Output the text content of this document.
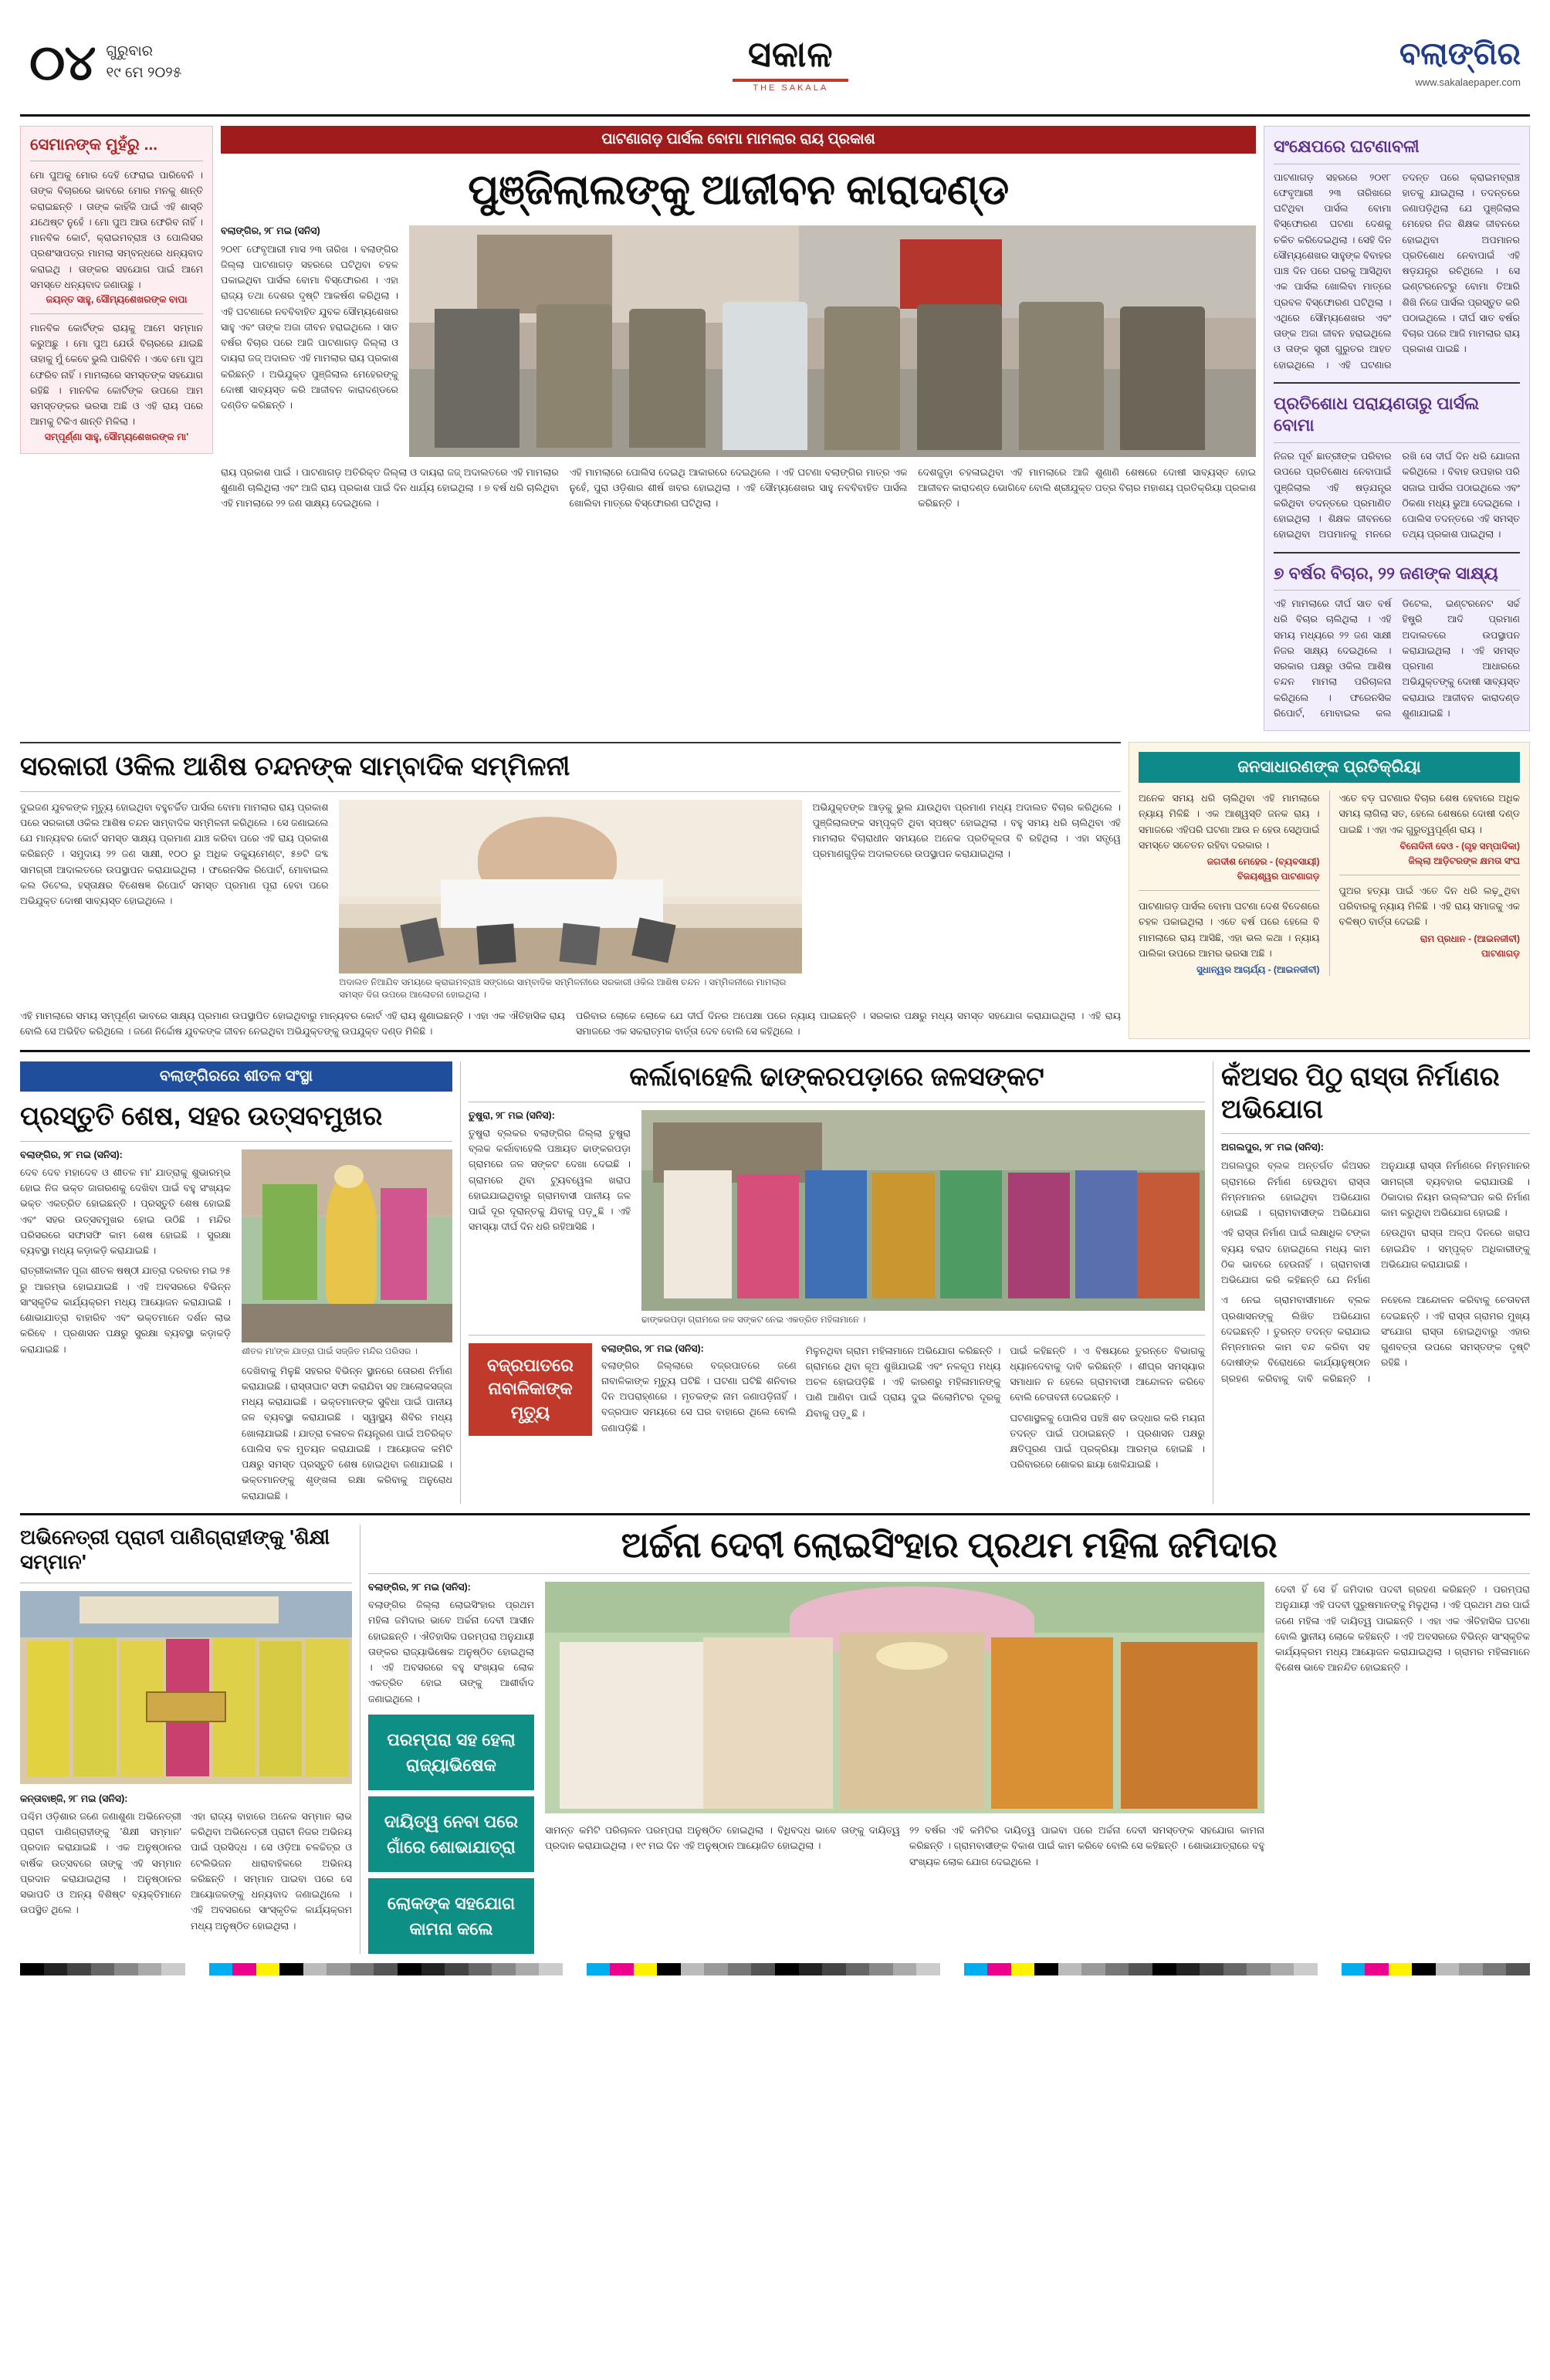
୦୪ ଗୁରୁବାର
୧୯ ମେ ୨୦୨୫	ସକାଳ
THE SAKALA
ବଲାଙ୍ଗିର
www.sakalaepaper.com
ସେମାନଙ୍କ ମୁହଁରୁ ...
ମୋ ପୁଅକୁ ମୋର ଦେହି ଫେରାଇ ପାରିବେନି । ତାଙ୍କ ବିଚାରରେ ଭାବରେ ମୋର ମନକୁ ଶାନ୍ତି କରାଇଛନ୍ତି । ତାଙ୍କ କାହିଁକି ପାଇଁ ଏହି ଶାସ୍ତି ଯଥେଷ୍ଟ ନୁହେଁ । ମୋ ପୁଅ ଆଉ ଫେରିବ ନାହିଁ । ମାନବିକ କୋର୍ଟ, କ୍ରାଇମବ୍ରାଞ୍ଚ ଓ ପୋଲିସର ପ୍ରଶଂସାପତ୍ର ମାମଲା ସମ୍ବନ୍ଧରେ ଧନ୍ୟବାଦ କରାଇଥି । ତାଙ୍କର ସହଯୋଗ ପାଇଁ ଆମେ ସମସ୍ତେ ଧନ୍ୟବାଦ ଜଣାଉଛୁ ।
ଜୟନ୍ତ ସାହୁ, ସୌମ୍ୟଶେଖରଙ୍କ ବାପା
ମାନବିକ କୋର୍ଟିଙ୍କ ରାୟକୁ ଆମେ ସମ୍ମାନ କରୁଅଛୁ । ମୋ ପୁଅ ଯେଉଁ ବିଚାରରେ ଯାଇଛି ତାହାକୁ ମୁଁ କେବେ ଭୁଲି ପାରିବିନି । ଏବେ ମୋ ପୁଅ ଫେରିବ ନାହିଁ । ମାମଲାରେ ସମସ୍ତଙ୍କ ସହଯୋଗ ରହିଛି । ମାନବିକ କୋର୍ଟିଙ୍କ ଉପରେ ଆମ ସମସ୍ତଙ୍କର ଭରସା ଅଛି ଓ ଏହି ରାୟ ପରେ ଆମକୁ ଟିକିଏ ଶାନ୍ତି ମିଳିଲା ।
ସମ୍ପୂର୍ଣ୍ଣା ସାହୁ, ସୌମ୍ୟଶେଖରଙ୍କ ମା'
ପାଟଣାଗଡ଼ ପାର୍ସଲ ବୋମା ମାମଲାର ରାୟ ପ୍ରକାଶ
ପୁଞ୍ଜିଲାଲଙ୍କୁ ଆଜୀବନ କାରାଦଣ୍ଡ
ବଲାଙ୍ଗିର, ୨୮ ମଇ (ସନିସ)
୨୦୧୮ ଫେବୃଆରୀ ମାସ ୨୩ ତାରିଖ । ବଲାଙ୍ଗିର ଜିଲ୍ଲା ପାଟଣାଗଡ଼ ସହରରେ ଘଟିଥିବା ଚହଳ ପକାଇଥିବା ପାର୍ସଲ ବୋମା ବିସ୍ଫୋରଣ । ଏହା ରାଜ୍ୟ ତଥା ଦେଶର ଦୃଷ୍ଟି ଆକର୍ଷଣ କରିଥିଲା । ଏହି ଘଟଣାରେ ନବବିବାହିତ ଯୁବକ ସୌମ୍ୟଶେଖର ସାହୁ ଏବଂ ତାଙ୍କ ଅଜା ଜୀବନ ହରାଇଥିଲେ । ସାତ ବର୍ଷର ବିଚାର ପରେ ଆଜି ପାଟଣାଗଡ଼ ଜିଲ୍ଲା ଓ ଦାୟରା ଜଜ୍ ଅଦାଲତ ଏହି ମାମଲାର ରାୟ ପ୍ରକାଶ କରିଛନ୍ତି । ଅଭିଯୁକ୍ତ ପୁଞ୍ଜିଲାଲ ମେହେରଙ୍କୁ ଦୋଷୀ ସାବ୍ୟସ୍ତ କରି ଆଜୀବନ କାରାଦଣ୍ଡରେ ଦଣ୍ଡିତ କରିଛନ୍ତି ।
ରାୟ ପ୍ରକାଶ ପାଇଁ । ପାଟଣାଗଡ଼ ଅତିରିକ୍ତ ଜିଲ୍ଲା ଓ ଦାୟରା ଜଜ୍ ଅଦାଲତରେ ଏହି ମାମଲାର ଶୁଣାଣି ଚାଲିଥିଲା ଏବଂ ଆଜି ରାୟ ପ୍ରକାଶ ପାଇଁ ଦିନ ଧାର୍ଯ୍ୟ ହୋଇଥିଲା । ୭ ବର୍ଷ ଧରି ଚାଲିଥିବା ଏହି ମାମଲାରେ ୨୨ ଜଣ ସାକ୍ଷ୍ୟ ଦେଇଥିଲେ ।
ଏହି ମାମଲାରେ ପୋଲିସ ଦେଇଥି ଆକାରରେ ଦେଇଥିଲେ । ଏହି ଘଟଣା ବଲାଙ୍ଗିର ମାତ୍ର ଏକ ନୁହେଁ, ପୁରା ଓଡ଼ିଶାର ଶୀର୍ଷ ଖବର ହୋଇଥିଲା । ଏହି ସୌମ୍ୟଶେଖର ସାହୁ ନବବିବାହିତ ପାର୍ସଲ ଖୋଲିବା ମାତ୍ରେ ବିସ୍ଫୋରଣ ଘଟିଥିଲା ।
ଦେଶଜୁଡ଼ା ଚହଳାଇଥିବା ଏହି ମାମଲାରେ ଆଜି ଶୁଣାଣି ଶେଷରେ ଦୋଷୀ ସାବ୍ୟସ୍ତ ହୋଇ ଆଜୀବନ କାରାଦଣ୍ଡ ଭୋଗିବେ ବୋଲି ଶ୍ରୀଯୁକ୍ତ ପତ୍ର ବିଚାର ମହାଶୟ ପ୍ରତିକ୍ରିୟା ପ୍ରକାଶ କରିଛନ୍ତି ।
ସଂକ୍ଷେପରେ ଘଟଣାବଳୀ
ପାଟଣାଗଡ଼ ସହରରେ ୨୦୧୮ ଫେବୃଆରୀ ୨୩ ତାରିଖରେ ଘଟିଥିବା ପାର୍ସଲ ବୋମା ବିସ୍ଫୋରଣ ଘଟଣା ଦେଶକୁ ଚକିତ କରିଦେଇଥିଲା । ସେହି ଦିନ ସୌମ୍ୟଶେଖର ସାହୁଙ୍କ ବିବାହର ପାଞ୍ଚ ଦିନ ପରେ ଘରକୁ ଆସିଥିବା ଏକ ପାର୍ସଲ ଖୋଲିବା ମାତ୍ରେ ପ୍ରବଳ ବିସ୍ଫୋରଣ ଘଟିଥିଲା । ଏଥିରେ ସୌମ୍ୟଶେଖର ଏବଂ ତାଙ୍କ ଅଜା ଜୀବନ ହରାଇଥିଲେ ଓ ତାଙ୍କ ସ୍ତ୍ରୀ ଗୁରୁତର ଆହତ ହୋଇଥିଲେ । ଏହି ଘଟଣାର ତଦନ୍ତ ପରେ କ୍ରାଇମବ୍ରାଞ୍ଚ ହାତକୁ ଯାଇଥିଲା । ତଦନ୍ତରେ ଜଣାପଡ଼ିଥିଲା ଯେ ପୁଞ୍ଜିଲାଲ ମେହେର ନିଜ ଶିକ୍ଷକ ଜୀବନରେ ହୋଇଥିବା ଅପମାନର ପ୍ରତିଶୋଧ ନେବାପାଇଁ ଏହି ଷଡ଼ଯନ୍ତ୍ର ରଚିଥିଲେ । ସେ ଇଣ୍ଟରନେଟରୁ ବୋମା ତିଆରି ଶିଖି ନିଜେ ପାର୍ସଲ ପ୍ରସ୍ତୁତ କରି ପଠାଇଥିଲେ । ଦୀର୍ଘ ସାତ ବର୍ଷର ବିଚାର ପରେ ଆଜି ମାମଲାର ରାୟ ପ୍ରକାଶ ପାଇଛି ।
ପ୍ରତିଶୋଧ ପରାୟଣତାରୁ ପାର୍ସଲ ବୋମା
ନିଜର ପୂର୍ବ ଛାତ୍ରୀଙ୍କ ପରିବାର ଉପରେ ପ୍ରତିଶୋଧ ନେବାପାଇଁ ପୁଞ୍ଜିଲାଲ ଏହି ଷଡ଼ଯନ୍ତ୍ର କରିଥିବା ତଦନ୍ତରେ ପ୍ରମାଣିତ ହୋଇଥିଲା । ଶିକ୍ଷକ ଜୀବନରେ ହୋଇଥିବା ଅପମାନକୁ ମନରେ ରଖି ସେ ଦୀର୍ଘ ଦିନ ଧରି ଯୋଜନା କରିଥିଲେ । ବିବାହ ଉପହାର ପରି ସଜାଇ ପାର୍ସଲ ପଠାଇଥିଲେ ଏବଂ ଠିକଣା ମଧ୍ୟ ଭୁଆ ଦେଇଥିଲେ । ପୋଲିସ ତଦନ୍ତରେ ଏହି ସମସ୍ତ ତଥ୍ୟ ପ୍ରକାଶ ପାଇଥିଲା ।
୭ ବର୍ଷର ବିଚାର, ୨୨ ଜଣଙ୍କ ସାକ୍ଷ୍ୟ
ଏହି ମାମଲାରେ ଦୀର୍ଘ ସାତ ବର୍ଷ ଧରି ବିଚାର ଚାଲିଥିଲା । ଏହି ସମୟ ମଧ୍ୟରେ ୨୨ ଜଣ ସାକ୍ଷୀ ନିଜର ସାକ୍ଷ୍ୟ ଦେଇଥିଲେ । ସରକାର ପକ୍ଷରୁ ଓକିଲ ଆଶିଷ ଚନ୍ଦନ ମାମଲା ପରିଚାଳନା କରିଥିଲେ । ଫରେନସିକ ରିପୋର୍ଟ, ମୋବାଇଲ କଲ ଡିଟେଲ, ଇଣ୍ଟରନେଟ ସର୍ଚ୍ଚ ହିଷ୍ଟ୍ରି ଆଦି ପ୍ରମାଣ ଅଦାଲତରେ ଉପସ୍ଥାପନ କରାଯାଇଥିଲା । ଏହି ସମସ୍ତ ପ୍ରମାଣ ଆଧାରରେ ଅଭିଯୁକ୍ତଙ୍କୁ ଦୋଷୀ ସାବ୍ୟସ୍ତ କରାଯାଇ ଆଜୀବନ କାରାଦଣ୍ଡ ଶୁଣାଯାଇଛି ।
ସରକାରୀ ଓକିଲ ଆଶିଷ ଚନ୍ଦନଙ୍କ ସାମ୍ବାଦିକ ସମ୍ମିଳନୀ
ଦୁଇଜଣ ଯୁବକଙ୍କ ମୃତ୍ୟୁ ହୋଇଥିବା ବହୁଚର୍ଚ୍ଚିତ ପାର୍ସଲ ବୋମା ମାମଲାର ରାୟ ପ୍ରକାଶ ପରେ ସରକାରୀ ଓକିଲ ଆଶିଷ ଚନ୍ଦନ ସାମ୍ବାଦିକ ସମ୍ମିଳନୀ କରିଥିଲେ । ସେ ଜଣାଇଲେ ଯେ ମାନ୍ୟବର କୋର୍ଟ ସମସ୍ତ ସାକ୍ଷ୍ୟ ପ୍ରମାଣ ଯାଞ୍ଚ କରିବା ପରେ ଏହି ରାୟ ପ୍ରକାଶ କରିଛନ୍ତି । ସମୁଦାୟ ୨୨ ଜଣ ସାକ୍ଷୀ, ୧୦୦ ରୁ ଅଧିକ ଡକ୍ୟୁମେଣ୍ଟ, ୫୭ଟି ଜବ୍ଦ ସାମଗ୍ରୀ ଆଦାଲତରେ ଉପସ୍ଥାପନ କରାଯାଇଥିଲା । ଫରେନସିକ ରିପୋର୍ଟ, ମୋବାଇଲ କଲ ଡିଟେଲ, ହସ୍ତାକ୍ଷର ବିଶେଷଜ୍ଞ ରିପୋର୍ଟ ସମସ୍ତ ପ୍ରମାଣ ପୂରା ହେବା ପରେ ଅଭିଯୁକ୍ତ ଦୋଷୀ ସାବ୍ୟସ୍ତ ହୋଇଥିଲେ ।
ଅଦାଲତ ନିଆଯିବ ସମୟରେ କ୍ରାଇମବ୍ରାଞ୍ଚ ସଙ୍ଗରେ ସାମ୍ବାଦିକ ସମ୍ମିଳନୀରେ ସରକାରୀ ଓକିଲ ଆଶିଷ ଚନ୍ଦନ । ସମ୍ମିଳନୀରେ ମାମଲାର ସମସ୍ତ ଦିଗ ଉପରେ ଆଲୋଚନା ହୋଇଥିଲା ।
ଅଭିଯୁକ୍ତଙ୍କ ଆଡ଼କୁ ଭୁଲ ଯାଉଥିବା ପ୍ରମାଣ ମଧ୍ୟ ଅଦାଲତ ବିଚାର କରିଥିଲେ । ପୁଞ୍ଜିଲାଲଙ୍କ ସମ୍ପୃକ୍ତି ଥିବା ସ୍ପଷ୍ଟ ହୋଇଥିଲା । ବହୁ ସମୟ ଧରି ଚାଲିଥିବା ଏହି ମାମଲାର ବିଚାରାଧୀନ ସମୟରେ ଅନେକ ପ୍ରତିକୂଳତା ବି ରହିଥିଲା । ଏହା ସତ୍ତ୍ୱେ ପ୍ରମାଣଗୁଡ଼ିକ ଅଦାଲତରେ ଉପସ୍ଥାପନ କରାଯାଇଥିଲା ।
ଏହି ମାମଲାରେ ସମୟ ସମ୍ପୂର୍ଣ୍ଣ ଭାବରେ ସାକ୍ଷ୍ୟ ପ୍ରମାଣ ଉପସ୍ଥାପିତ ହୋଇଥିବାରୁ ମାନ୍ୟବର କୋର୍ଟ ଏହି ରାୟ ଶୁଣାଇଛନ୍ତି । ଏହା ଏକ ଐତିହାସିକ ରାୟ ବୋଲି ସେ ଅଭିହିତ କରିଥିଲେ । ଜଣେ ନିର୍ଦ୍ଦୋଷ ଯୁବକଙ୍କ ଜୀବନ ନେଇଥିବା ଅଭିଯୁକ୍ତଙ୍କୁ ଉପଯୁକ୍ତ ଦଣ୍ଡ ମିଳିଛି ।
ପରିବାର ଲୋକେ ଲୋକେ ଯେ ଦୀର୍ଘ ଦିନର ଅପେକ୍ଷା ପରେ ନ୍ୟାୟ ପାଇଛନ୍ତି । ସରକାର ପକ୍ଷରୁ ମଧ୍ୟ ସମସ୍ତ ସହଯୋଗ କରାଯାଇଥିଲା । ଏହି ରାୟ ସମାଜରେ ଏକ ସକରାତ୍ମକ ବାର୍ତ୍ତା ଦେବ ବୋଲି ସେ କହିଥିଲେ ।
ଜନସାଧାରଣଙ୍କ ପ୍ରତିକ୍ରିୟା
ଅନେକ ସମୟ ଧରି ଚାଲିଥିବା ଏହି ମାମଲାରେ ନ୍ୟାୟ ମିଳିଛି । ଏକ ଆଶ୍ୱସ୍ତି ଜନକ ରାୟ । ସମାଜରେ ଏହିପରି ଘଟଣା ଆଉ ନ ହେଉ ସେଥିପାଇଁ ସମସ୍ତେ ସଚେତନ ରହିବା ଦରକାର ।
ଜଗଦୀଶ ମେହେର - (ବ୍ୟବସାୟୀ)
ବିଜୟଶ୍ୱର ପାଟଣାଗଡ଼
ପାଟଣାଗଡ଼ ପାର୍ସଲ ବୋମା ଘଟଣା ଦେଶ ବିଦେଶରେ ଚହଳ ପକାଇଥିଲା । ଏତେ ବର୍ଷ ପରେ ହେଲେ ବି ମାମଲାରେ ରାୟ ଆସିଛି, ଏହା ଭଲ କଥା । ନ୍ୟାୟ ପାଲିକା ଉପରେ ଆମର ଭରସା ଅଛି ।
ସୁଧାନ୍ୱର ଆଚାର୍ଯ୍ୟ - (ଆଇନଜୀବୀ)
ଏତେ ବଡ଼ ଘଟଣାର ବିଚାର ଶେଷ ହେବାରେ ଅଧିକ ସମୟ ଲାଗିଲା ସତ, ହେଲେ ଶେଷରେ ଦୋଷୀ ଦଣ୍ଡ ପାଇଛି । ଏହା ଏକ ଗୁରୁତ୍ୱପୂର୍ଣ୍ଣ ରାୟ ।
ବିନୋଦିନୀ ଦେଓ - (ଗୃହ ସମ୍ପାଦିକା)
ଜିଲ୍ଲା ଆଡ଼ିଟରଙ୍କ କ୍ଷମତା ସଂଘ
ପୁଅର ହତ୍ୟା ପାଇଁ ଏତେ ଦିନ ଧରି ଲଢ଼ୁଥିବା ପରିବାରକୁ ନ୍ୟାୟ ମିଳିଛି । ଏହି ରାୟ ସମାଜକୁ ଏକ ବଳିଷ୍ଠ ବାର୍ତ୍ତା ଦେଇଛି ।
ରାମ ପ୍ରଧାନ - (ଆଇନଜୀବୀ)
ପାଟଣାଗଡ଼
ବଲାଙ୍ଗିରରେ ଶୀତଳ ସଂସ୍ଥା
ପ୍ରସ୍ତୁତି ଶେଷ, ସହର ଉତ୍ସବମୁଖର
ବଲାଙ୍ଗିର, ୨୮ ମଇ (ସନିସ):
ଦେବ ଦେବ ମହାଦେବ ଓ ଶୀତଳ ମା' ଯାତ୍ରାକୁ ଶୁଭାରମ୍ଭ ହୋଇ ନିଜ ଭକ୍ତ ଜାଗରଣକୁ ଦେଖିବା ପାଇଁ ବହୁ ସଂଖ୍ୟକ ଭକ୍ତ ଏକତ୍ରିତ ହୋଇଛନ୍ତି । ପ୍ରସ୍ତୁତି ଶେଷ ହୋଇଛି ଏବଂ ସହର ଉତ୍ସବମୁଖର ହୋଇ ଉଠିଛି । ମନ୍ଦିର ପରିସରରେ ସଫାସଫି କାମ ଶେଷ ହୋଇଛି । ସୁରକ୍ଷା ବ୍ୟବସ୍ଥା ମଧ୍ୟ କଡ଼ାକଡ଼ି କରାଯାଇଛି ।
ରାତ୍ରୀକାଳୀନ ପୂଜା ଶୀତଳ ଷଷ୍ଠୀ ଯାତ୍ରା ଦରବାର ମଇ ୨୫ ରୁ ଆରମ୍ଭ ହୋଇଯାଇଛି । ଏହି ଅବସରରେ ବିଭିନ୍ନ ସାଂସ୍କୃତିକ କାର୍ଯ୍ୟକ୍ରମ ମଧ୍ୟ ଆୟୋଜନ କରାଯାଇଛି । ଶୋଭାଯାତ୍ରା ବାହାରିବ ଏବଂ ଭକ୍ତମାନେ ଦର୍ଶନ ଲାଭ କରିବେ । ପ୍ରଶାସନ ପକ୍ଷରୁ ସୁରକ୍ଷା ବ୍ୟବସ୍ଥା କଡ଼ାକଡ଼ି କରାଯାଇଛି ।	ଶୀତଳ ମା'ଙ୍କ ଯାତ୍ରା ପାଇଁ ସଜ୍ଜିତ ମନ୍ଦିର ପରିସର ।
ଦେଖିବାକୁ ମିଳୁଛି ସହରର ବିଭିନ୍ନ ସ୍ଥାନରେ ତୋରଣ ନିର୍ମାଣ କରାଯାଇଛି । ରାସ୍ତାଘାଟ ସଫା କରାଯିବା ସହ ଆଲୋକସଜ୍ଜା ମଧ୍ୟ କରାଯାଇଛି । ଭକ୍ତମାନଙ୍କ ସୁବିଧା ପାଇଁ ପାନୀୟ ଜଳ ବ୍ୟବସ୍ଥା କରାଯାଇଛି । ସ୍ୱାସ୍ଥ୍ୟ ଶିବିର ମଧ୍ୟ ଖୋଲାଯାଇଛି । ଯାତ୍ରା ଚଳାଚଳ ନିୟନ୍ତ୍ରଣ ପାଇଁ ଅତିରିକ୍ତ ପୋଲିସ ବଳ ମୁତୟନ କରାଯାଇଛି । ଆୟୋଜକ କମିଟି ପକ୍ଷରୁ ସମସ୍ତ ପ୍ରସ୍ତୁତି ଶେଷ ହୋଇଥିବା ଜଣାଯାଇଛି । ଭକ୍ତମାନଙ୍କୁ ଶୃଙ୍ଖଳା ରକ୍ଷା କରିବାକୁ ଅନୁରୋଧ କରାଯାଇଛି ।
କର୍ଲାବାହେଲି ଢାଙ୍କରପଡ଼ାରେ ଜଳସଙ୍କଟ
ତୁଷୁରା, ୨୮ ମଇ (ସନିସ):
ତୁଷୁରା ବ୍ଲକର ବଲାଙ୍ଗିର ଜିଲ୍ଲା ତୁଷୁରା ବ୍ଲକ କର୍ଲାବାହେଲି ପଞ୍ଚାୟତ ଢାଙ୍କରପଡ଼ା ଗ୍ରାମରେ ଜଳ ସଙ୍କଟ ଦେଖା ଦେଇଛି । ଗ୍ରାମରେ ଥିବା ଟ୍ୟୁବୱେଲ ଖରାପ ହୋଇଯାଇଥିବାରୁ ଗ୍ରାମବାସୀ ପାନୀୟ ଜଳ ପାଇଁ ଦୂର ଦୂରାନ୍ତକୁ ଯିବାକୁ ପଡ଼ୁଛି । ଏହି ସମସ୍ୟା ଦୀର୍ଘ ଦିନ ଧରି ରହିଆସିଛି ।
ଢାଙ୍କରପଡ଼ା ଗ୍ରାମରେ ଜଳ ସଙ୍କଟ ନେଇ ଏକତ୍ରିତ ମହିଳାମାନେ ।
ବଜ୍ରପାତରେ ନାବାଳିକାଙ୍କ ମୃତ୍ୟୁ
ବଲାଙ୍ଗିର, ୨୮ ମଇ (ସନିସ):
ବଲାଙ୍ଗିର ଜିଲ୍ଲାରେ ବଜ୍ରପାତରେ ଜଣେ ନାବାଳିକାଙ୍କ ମୃତ୍ୟୁ ଘଟିଛି । ଘଟଣା ଘଟିଛି ଶନିବାର ଦିନ ଅପରାହ୍ଣରେ । ମୃତକଙ୍କ ନାମ ଜଣାପଡ଼ିନାହିଁ । ବଜ୍ରପାତ ସମୟରେ ସେ ଘର ବାହାରେ ଥିଲେ ବୋଲି ଜଣାପଡ଼ିଛି ।
ମିଳୁନଥିବା ଗ୍ରାମ ମହିଳାମାନେ ଅଭିଯୋଗ କରିଛନ୍ତି । ଗ୍ରାମରେ ଥିବା କୂଅ ଶୁଖିଯାଇଛି ଏବଂ ନଳକୂପ ମଧ୍ୟ ଅଚଳ ହୋଇପଡ଼ିଛି । ଏହି କାରଣରୁ ମହିଳାମାନଙ୍କୁ ପାଣି ଆଣିବା ପାଇଁ ପ୍ରାୟ ଦୁଇ କିଲୋମିଟର ଦୂରକୁ ଯିବାକୁ ପଡ଼ୁଛି ।
ପାଇଁ କହିଛନ୍ତି । ଏ ବିଷୟରେ ତୁରନ୍ତେ ବିଭାଗକୁ ଧ୍ୟାନଦେବାକୁ ଦାବି କରିଛନ୍ତି । ଶୀଘ୍ର ସମସ୍ୟାର ସମାଧାନ ନ ହେଲେ ଗ୍ରାମବାସୀ ଆନ୍ଦୋଳନ କରିବେ ବୋଲି ଚେତାବନୀ ଦେଇଛନ୍ତି ।
ଘଟଣାସ୍ଥଳକୁ ପୋଲିସ ପହଞ୍ଚି ଶବ ଉଦ୍ଧାର କରି ମୟନା ତଦନ୍ତ ପାଇଁ ପଠାଇଛନ୍ତି । ପ୍ରଶାସନ ପକ୍ଷରୁ କ୍ଷତିପୂରଣ ପାଇଁ ପ୍ରକ୍ରିୟା ଆରମ୍ଭ ହୋଇଛି । ପରିବାରରେ ଶୋକର ଛାୟା ଖେଳିଯାଇଛି ।
କଁଅସର ପିଠୁ ରାସ୍ତା ନିର୍ମାଣର ଅଭିଯୋଗ
ଅଗଲପୁର, ୨୮ ମଇ (ସନିସ):
ଅଗଲପୁର ବ୍ଲକ ଅନ୍ତର୍ଗତ କଁଅସର ଗ୍ରାମରେ ନିର୍ମାଣ ହେଉଥିବା ରାସ୍ତା ନିମ୍ନମାନର ହୋଇଥିବା ଅଭିଯୋଗ ହୋଇଛି । ଗ୍ରାମବାସୀଙ୍କ ଅଭିଯୋଗ ଅନୁଯାୟୀ ରାସ୍ତା ନିର୍ମାଣରେ ନିମ୍ନମାନର ସାମଗ୍ରୀ ବ୍ୟବହାର କରାଯାଉଛି । ଠିକାଦାର ନିୟମ ଉଲ୍ଲଂଘନ କରି ନିର୍ମାଣ କାମ କରୁଥିବା ଅଭିଯୋଗ ହୋଇଛି ।
ଏହି ରାସ୍ତା ନିର୍ମାଣ ପାଇଁ ଲକ୍ଷାଧିକ ଟଙ୍କା ବ୍ୟୟ ବରାଦ ହୋଇଥିଲେ ମଧ୍ୟ କାମ ଠିକ ଭାବରେ ହେଉନାହିଁ । ଗ୍ରାମବାସୀ ଅଭିଯୋଗ କରି କହିଛନ୍ତି ଯେ ନିର୍ମାଣ ହେଉଥିବା ରାସ୍ତା ଅଳ୍ପ ଦିନରେ ଖରାପ ହୋଇଯିବ । ସମ୍ପୃକ୍ତ ଅଧିକାରୀଙ୍କୁ ଅଭିଯୋଗ କରାଯାଇଛି ।
ଏ ନେଇ ଗ୍ରାମବାସୀମାନେ ବ୍ଲକ ପ୍ରଶାସନଙ୍କୁ ଲିଖିତ ଅଭିଯୋଗ ଦେଇଛନ୍ତି । ତୁରନ୍ତ ତଦନ୍ତ କରାଯାଇ ନିମ୍ନମାନର କାମ ବନ୍ଦ କରିବା ସହ ଦୋଷୀଙ୍କ ବିରୋଧରେ କାର୍ଯ୍ୟାନୁଷ୍ଠାନ ଗ୍ରହଣ କରିବାକୁ ଦାବି କରିଛନ୍ତି । ନହେଲେ ଆନ୍ଦୋଳନ କରିବାକୁ ଚେତାବନୀ ଦେଇଛନ୍ତି । ଏହି ରାସ୍ତା ଗ୍ରାମର ମୁଖ୍ୟ ସଂଯୋଗ ରାସ୍ତା ହୋଇଥିବାରୁ ଏହାର ଗୁଣବତ୍ତା ଉପରେ ସମସ୍ତଙ୍କ ଦୃଷ୍ଟି ରହିଛି ।
ଅଭିନେତ୍ରୀ ପ୍ରାଚୀ ପାଣିଗ୍ରାହୀଙ୍କୁ 'ଶିକ୍ଷୀ ସମ୍ମାନ'
କନ୍ତାବାଞ୍ଜି, ୨୮ ମଇ (ସନିସ):
ପଶ୍ଚିମ ଓଡ଼ିଶାର ଜଣେ ଜଣାଶୁଣା ଅଭିନେତ୍ରୀ ପ୍ରାଚୀ ପାଣିଗ୍ରାହୀଙ୍କୁ 'ଶିକ୍ଷୀ ସମ୍ମାନ' ପ୍ରଦାନ କରାଯାଇଛି । ଏକ ଅନୁଷ୍ଠାନର ବାର୍ଷିକ ଉତ୍ସବରେ ତାଙ୍କୁ ଏହି ସମ୍ମାନ ପ୍ରଦାନ କରାଯାଇଥିଲା । ଅନୁଷ୍ଠାନର ସଭାପତି ଓ ଅନ୍ୟ ବିଶିଷ୍ଟ ବ୍ୟକ୍ତିମାନେ ଉପସ୍ଥିତ ଥିଲେ ।
ଏହା ରାଜ୍ୟ ବାହାରେ ଅନେକ ସମ୍ମାନ ଲାଭ କରିଥିବା ଅଭିନେତ୍ରୀ ପ୍ରାଚୀ ନିଜର ଅଭିନୟ ପାଇଁ ପ୍ରସିଦ୍ଧ । ସେ ଓଡ଼ିଆ ଚଳଚ୍ଚିତ୍ର ଓ ଟେଲିଭିଜନ ଧାରାବାହିକରେ ଅଭିନୟ କରିଛନ୍ତି । ସମ୍ମାନ ପାଇବା ପରେ ସେ ଆୟୋଜକଙ୍କୁ ଧନ୍ୟବାଦ ଜଣାଇଥିଲେ । ଏହି ଅବସରରେ ସାଂସ୍କୃତିକ କାର୍ଯ୍ୟକ୍ରମ ମଧ୍ୟ ଅନୁଷ୍ଠିତ ହୋଇଥିଲା ।
ଅର୍ଚ୍ଚନା ଦେବୀ ଲୋଇସିଂହାର ପ୍ରଥମ ମହିଳା ଜମିଦାର
ବଲାଙ୍ଗିର, ୨୮ ମଇ (ସନିସ):
ବଲାଙ୍ଗିର ଜିଲ୍ଲା ଲୋଇସିଂହାର ପ୍ରଥମ ମହିଳା ଜମିଦାର ଭାବେ ଅର୍ଚ୍ଚନା ଦେବୀ ଆସୀନ ହୋଇଛନ୍ତି । ଐତିହାସିକ ପରମ୍ପରା ଅନୁଯାୟୀ ତାଙ୍କର ରାଜ୍ୟାଭିଷେକ ଅନୁଷ୍ଠିତ ହୋଇଥିଲା । ଏହି ଅବସରରେ ବହୁ ସଂଖ୍ୟକ ଲୋକ ଏକତ୍ରିତ ହୋଇ ତାଙ୍କୁ ଆଶୀର୍ବାଦ ଜଣାଇଥିଲେ ।
ପରମ୍ପରା ସହ ହେଲା ରାଜ୍ୟାଭିଷେକ
ଦାୟିତ୍ୱ ନେବା ପରେ ଗାଁରେ ଶୋଭାଯାତ୍ରା
ଲୋକଙ୍କ ସହଯୋଗ କାମନା କଲେ
ସାମନ୍ତ କମିଟି ପରିଚାଳନ ପରମ୍ପରା ଅନୁଷ୍ଠିତ ହୋଇଥିଲା । ବିଧିବଦ୍ଧ ଭାବେ ତାଙ୍କୁ ଦାୟିତ୍ୱ ପ୍ରଦାନ କରାଯାଇଥିଲା । ୧୯ ମଇ ଦିନ ଏହି ଅନୁଷ୍ଠାନ ଆୟୋଜିତ ହୋଇଥିଲା ।
୨୨ ବର୍ଷର ଏହି କମିଟିର ଦାୟିତ୍ୱ ପାଇବା ପରେ ଅର୍ଚ୍ଚନା ଦେବୀ ସମସ୍ତଙ୍କ ସହଯୋଗ କାମନା କରିଛନ୍ତି । ଗ୍ରାମବାସୀଙ୍କ ବିକାଶ ପାଇଁ କାମ କରିବେ ବୋଲି ସେ କହିଛନ୍ତି । ଶୋଭାଯାତ୍ରାରେ ବହୁ ସଂଖ୍ୟକ ଲୋକ ଯୋଗ ଦେଇଥିଲେ ।
ଦେବୀ ହିଁ ସେ ହିଁ ଜମିଦାର ପଦବୀ ଗ୍ରହଣ କରିଛନ୍ତି । ପରମ୍ପରା ଅନୁଯାୟୀ ଏହି ପଦବୀ ପୁରୁଷମାନଙ୍କୁ ମିଳୁଥିଲା । ଏହି ପ୍ରଥମ ଥର ପାଇଁ ଜଣେ ମହିଳା ଏହି ଦାୟିତ୍ୱ ପାଇଛନ୍ତି । ଏହା ଏକ ଐତିହାସିକ ଘଟଣା ବୋଲି ସ୍ଥାନୀୟ ଲୋକେ କହିଛନ୍ତି । ଏହି ଅବସରରେ ବିଭିନ୍ନ ସାଂସ୍କୃତିକ କାର୍ଯ୍ୟକ୍ରମ ମଧ୍ୟ ଆୟୋଜନ କରାଯାଇଥିଲା । ଗ୍ରାମର ମହିଳାମାନେ ବିଶେଷ ଭାବେ ଆନନ୍ଦିତ ହୋଇଛନ୍ତି ।
